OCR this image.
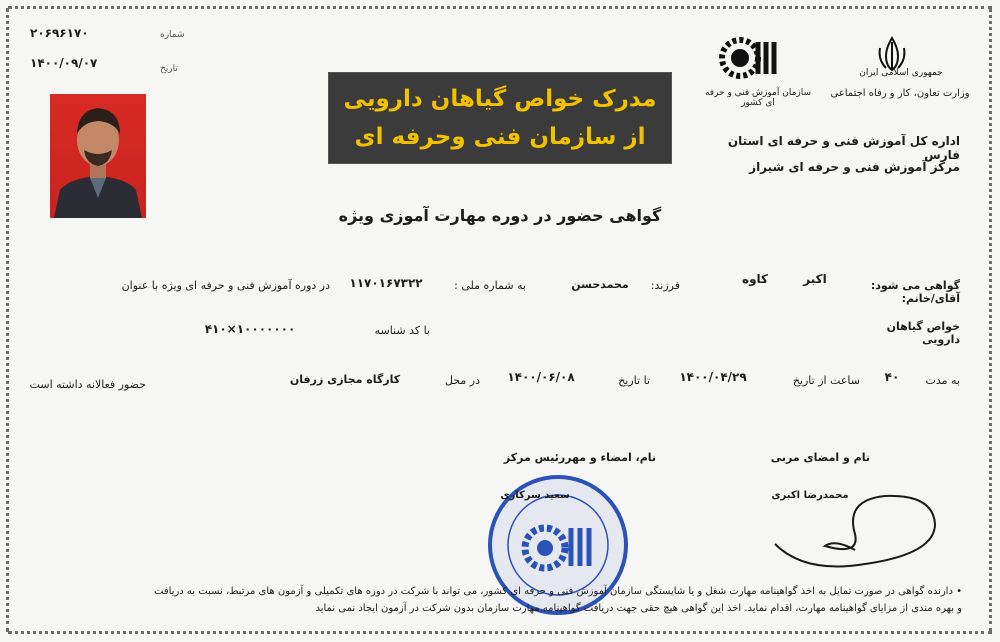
۲۰۶۹۶۱۷۰	شماره
۱۴۰۰/۰۹/۰۷	تاریخ
مدرک خواص گیاهان دارویی
از سازمان فنی وحرفه ای
سازمان آموزش فنی و حرفه ای کشور
جمهوری اسلامی ایران
وزارت تعاون، کار و رفاه اجتماعی
اداره کل آموزش فنی و حرفه ای استان فارس
مرکز آموزش فنی و حرفه ای شیراز
گواهی حضور در دوره مهارت آموزی ویژه
گواهی می شود: آقای/خانم:
اکبر
کاوه
فرزند:
محمدحسن
به شماره ملی :
۱۱۷۰۱۶۷۳۲۲
در دوره آموزش فنی و حرفه ای ویژه با عنوان
خواص گیاهان دارویی
با کد شناسه
۴۱۰×۱۰۰۰۰۰۰۰
به مدت
۴۰
ساعت از تاریخ
۱۴۰۰/۰۴/۲۹
تا تاریخ
۱۴۰۰/۰۶/۰۸
در محل
کارگاه مجازی زرفان
حضور فعالانه داشته است
نام، امضاء و مهررئیس مرکز	نام و امضای مربی
سعید سرکاری	محمدرضا اکبری
• دارنده گواهی در صورت تمایل به اخذ گواهینامه مهارت شغل و یا شایستگی سازمان آموزش فنی و حرفه ای کشور، می تواند با شرکت در دوره های تکمیلی و آزمون های مرتبط، نسبت به دریافت
و بهره مندی از مزایای گواهینامه مهارت، اقدام نماید. اخذ این گواهی هیچ حقی جهت دریافت گواهینامه مهارت سازمان بدون شرکت در آزمون ایجاد نمی نماید
